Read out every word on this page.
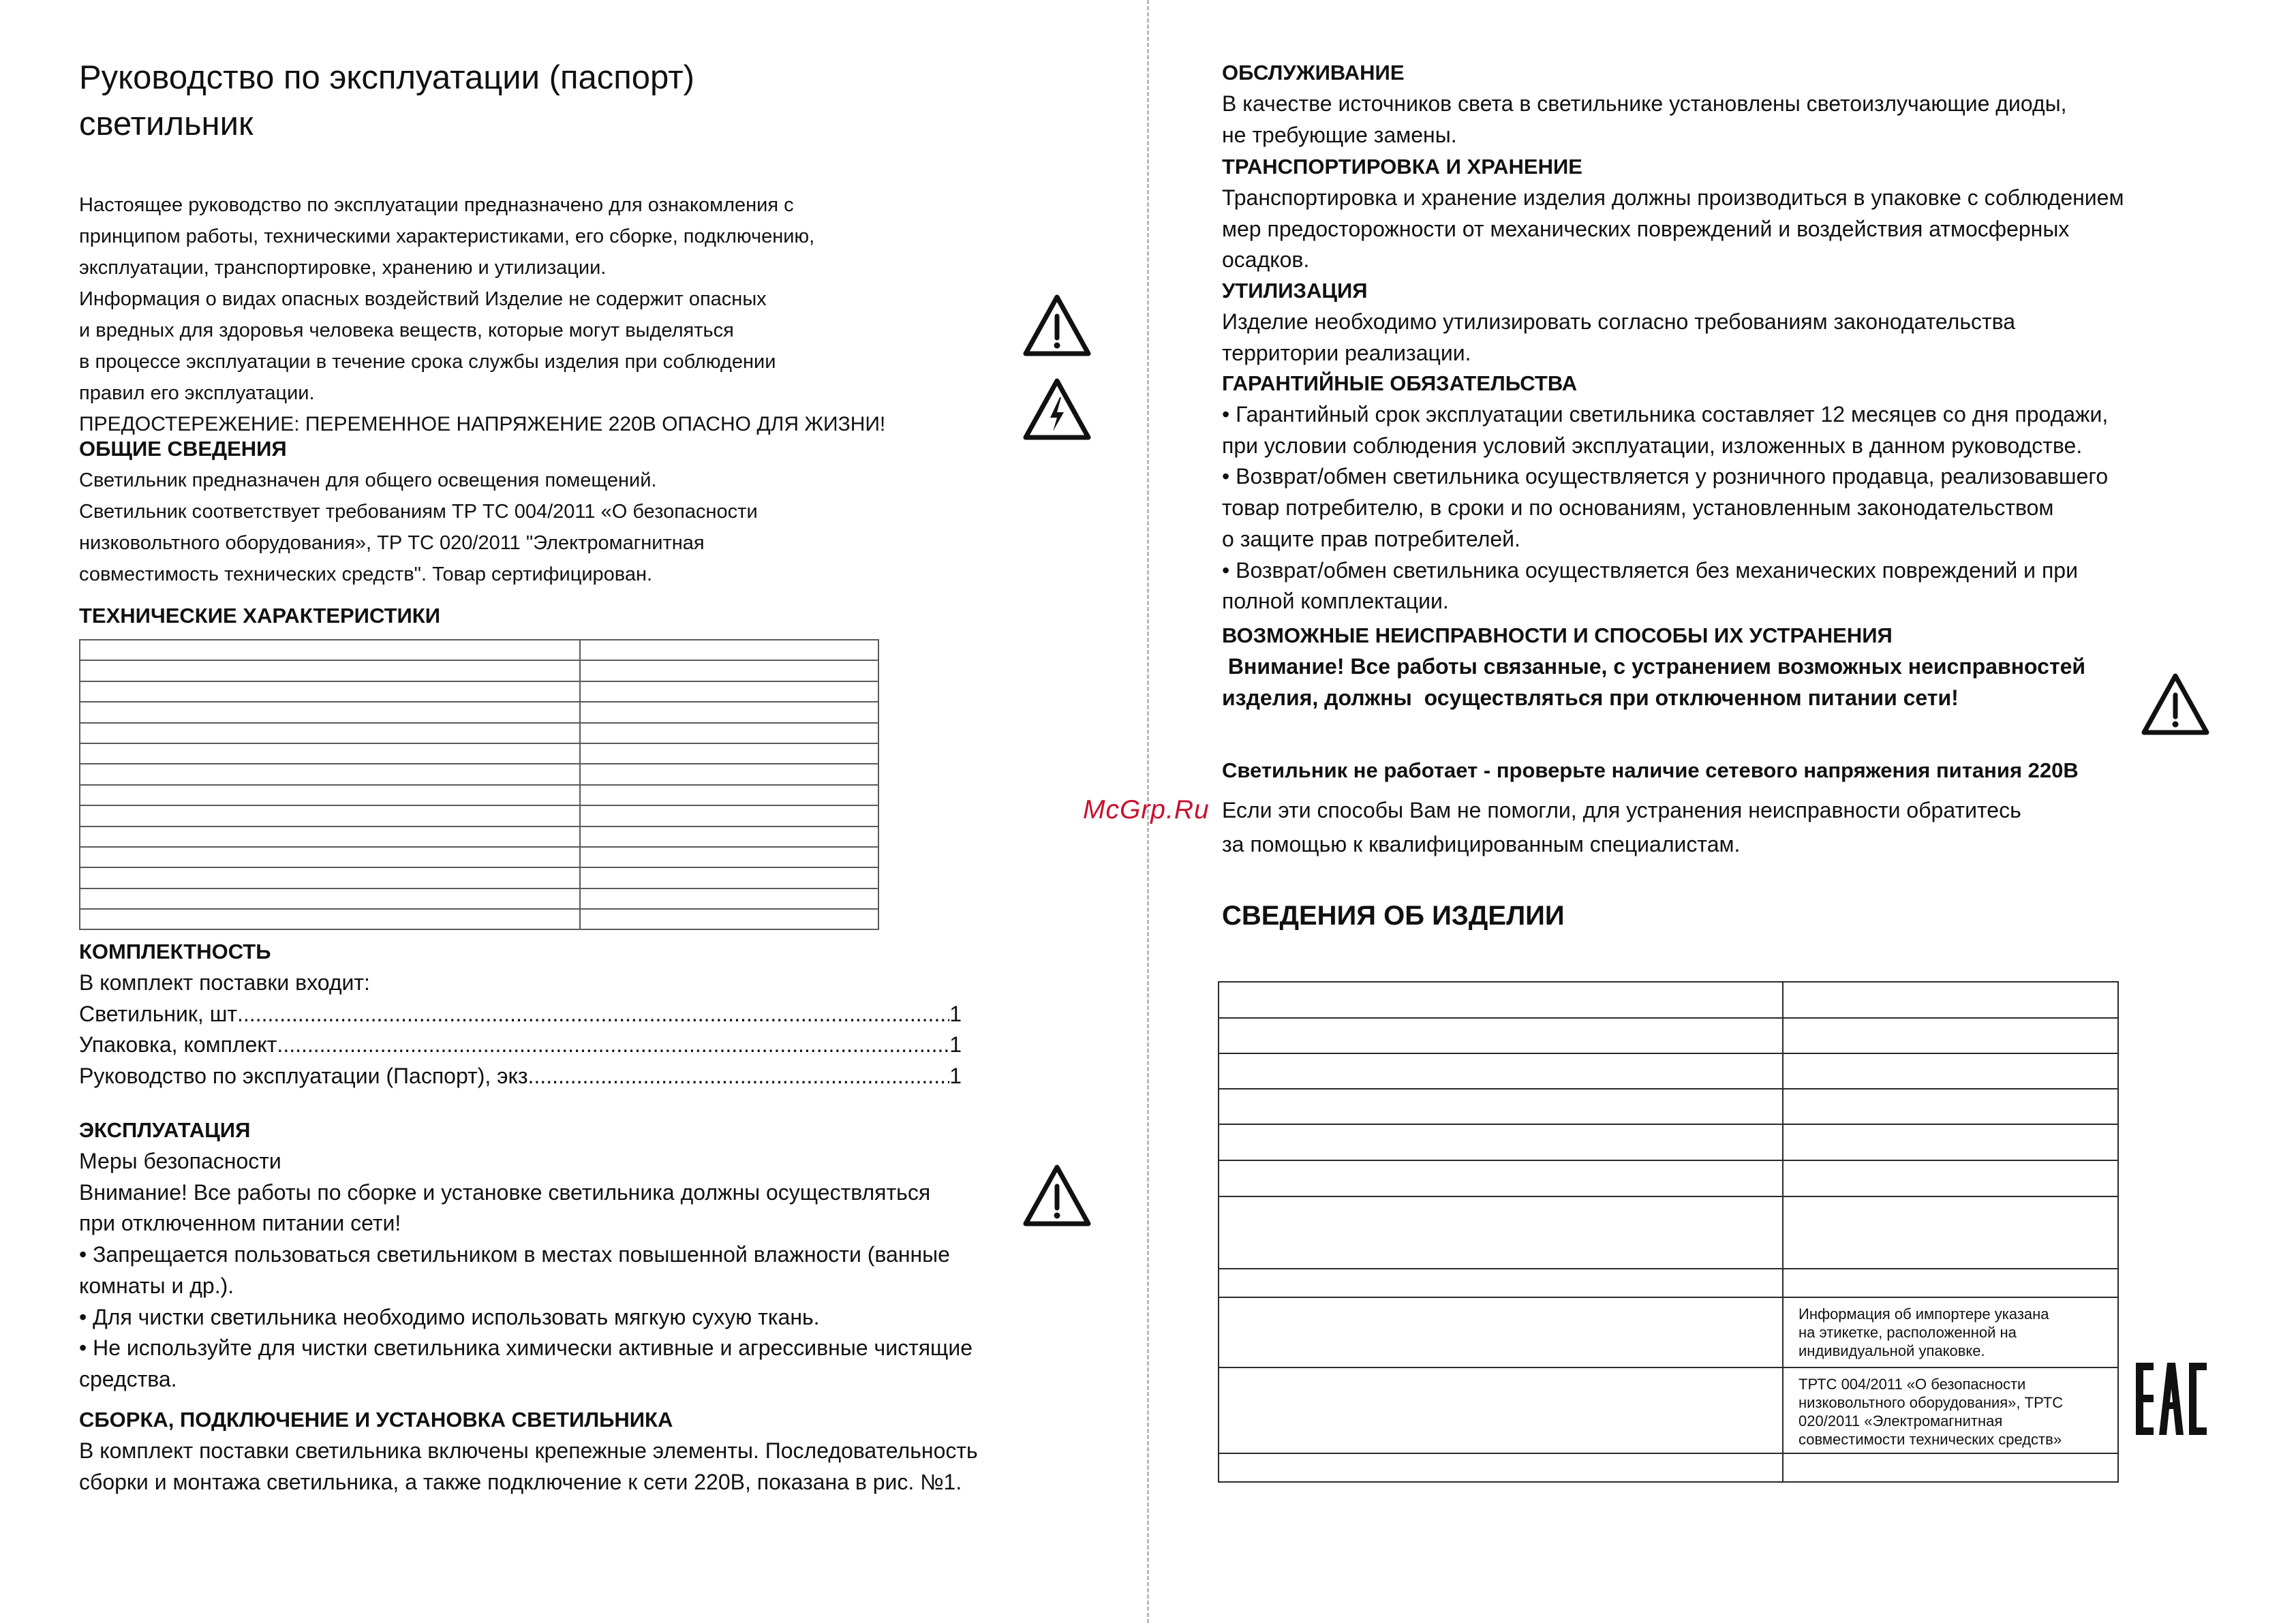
Руководство по эксплуатации (паспорт)
светильник
Настоящее руководство по эксплуатации предназначено для ознакомления с
принципом работы, техническими характеристиками, его сборке, подключению,
эксплуатации, транспортировке, хранению и утилизации.
Информация о видах опасных воздействий Изделие не содержит опасных
и вредных для здоровья человека веществ, которые могут выделяться
в процессе эксплуатации в течение срока службы изделия при соблюдении
правил его эксплуатации.
ПРЕДОСТЕРЕЖЕНИЕ: ПЕРЕМЕННОЕ НАПРЯЖЕНИЕ 220В ОПАСНО ДЛЯ ЖИЗНИ!
ОБЩИЕ СВЕДЕНИЯ
Светильник предназначен для общего освещения помещений.
Светильник соответствует требованиям ТР ТС 004/2011 «О безопасности
низковольтного оборудования», ТР ТС 020/2011 "Электромагнитная
совместимость технических средств". Товар сертифицирован.
ТЕХНИЧЕСКИЕ ХАРАКТЕРИСТИКИ

КОМПЛЕКТНОСТЬ
В комплект поставки входит:
Светильник, шт .....	1
Упаковка, комплект .....	1
Руководство по эксплуатации (Паспорт), экз .....	1
ЭКСПЛУАТАЦИЯ
Меры безопасности
Внимание! Все работы по сборке и установке светильника должны осуществляться
при отключенном питании сети!
• Запрещается пользоваться светильником в местах повышенной влажности (ванные
комнаты и др.).
• Для чистки светильника необходимо использовать мягкую сухую ткань.
• Не используйте для чистки светильника химически активные и агрессивные чистящие
средства.
СБОРКА, ПОДКЛЮЧЕНИЕ И УСТАНОВКА СВЕТИЛЬНИКА
В комплект поставки светильника включены крепежные элементы. Последовательность
сборки и монтажа светильника, а также подключение к сети 220В, показана в рис. №1.
McGrp.Ru
ОБСЛУЖИВАНИЕ
В качестве источников света в светильнике установлены светоизлучающие диоды,
не требующие замены.
ТРАНСПОРТИРОВКА И ХРАНЕНИЕ
Транспортировка и хранение изделия должны производиться в упаковке с соблюдением
мер предосторожности от механических повреждений и воздействия атмосферных
осадков.
УТИЛИЗАЦИЯ
Изделие необходимо утилизировать согласно требованиям законодательства
территории реализации.
ГАРАНТИЙНЫЕ ОБЯЗАТЕЛЬСТВА
• Гарантийный срок эксплуатации светильника составляет 12 месяцев со дня продажи,
при условии соблюдения условий эксплуатации, изложенных в данном руководстве.
• Возврат/обмен светильника осуществляется у розничного продавца, реализовавшего
товар потребителю, в сроки и по основаниям, установленным законодательством
о защите прав потребителей.
• Возврат/обмен светильника осуществляется без механических повреждений и при
полной комплектации.
ВОЗМОЖНЫЕ НЕИСПРАВНОСТИ И СПОСОБЫ ИХ УСТРАНЕНИЯ
Внимание! Все работы связанные, с устранением возможных неисправностей
изделия, должны  осуществляться при отключенном питании сети!
Светильник не работает - проверьте наличие сетевого напряжения питания 220В
Если эти способы Вам не помогли, для устранения неисправности обратитесь
за помощью к квалифицированным специалистам.
СВЕДЕНИЯ ОБ ИЗДЕЛИИ

	Информация об импортере указана
на этикетке, расположенной на
индивидуальной упаковке.

	ТРТС 004/2011 «О безопасности
низковольтного оборудования», ТРТС
020/2011 «Электромагнитная
совместимости технических средств»
